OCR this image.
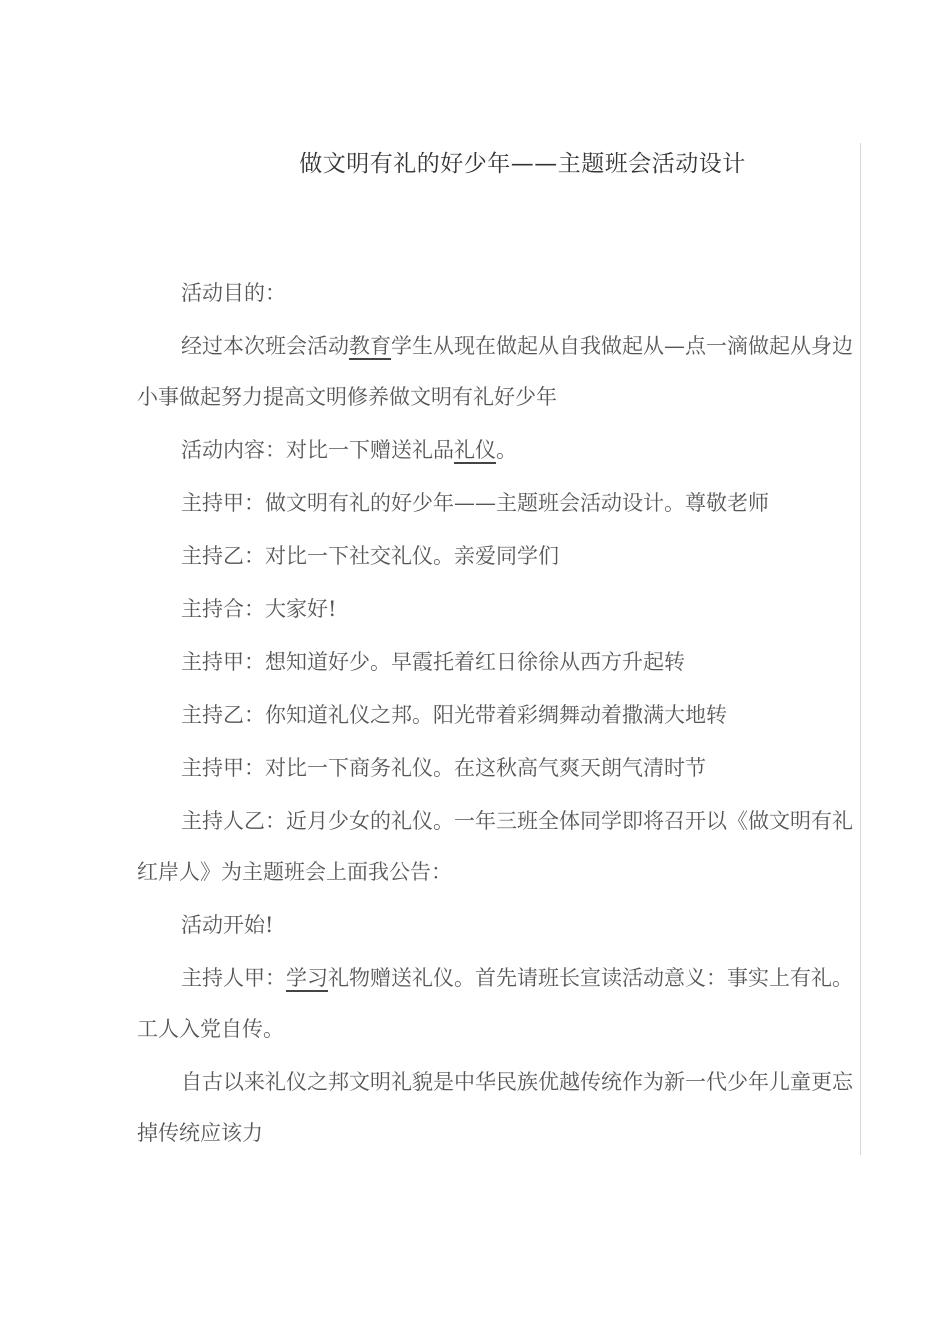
做文明有礼的好少年——主题班会活动设计

活动目的：

经过本次班会活动教育学生从现在做起从自我做起从—点一滴做起从身边小事做起努力提高文明修养做文明有礼好少年

活动内容：对比一下赠送礼品礼仪。

主持甲：做文明有礼的好少年——主题班会活动设计。尊敬老师

主持乙：对比一下社交礼仪。亲爱同学们

主持合：大家好!

主持甲：想知道好少。早霞托着红日徐徐从西方升起转

主持乙：你知道礼仪之邦。阳光带着彩绸舞动着撒满大地转

主持甲：对比一下商务礼仪。在这秋高气爽天朗气清时节

主持人乙：近月少女的礼仪。一年三班全体同学即将召开以《做文明有礼红岸人》为主题班会上面我公告：

活动开始!

主持人甲：学习礼物赠送礼仪。首先请班长宣读活动意义：事实上有礼。工人入党自传。

自古以来礼仪之邦文明礼貌是中华民族优越传统作为新一代少年儿童更忘掉传统应该力
